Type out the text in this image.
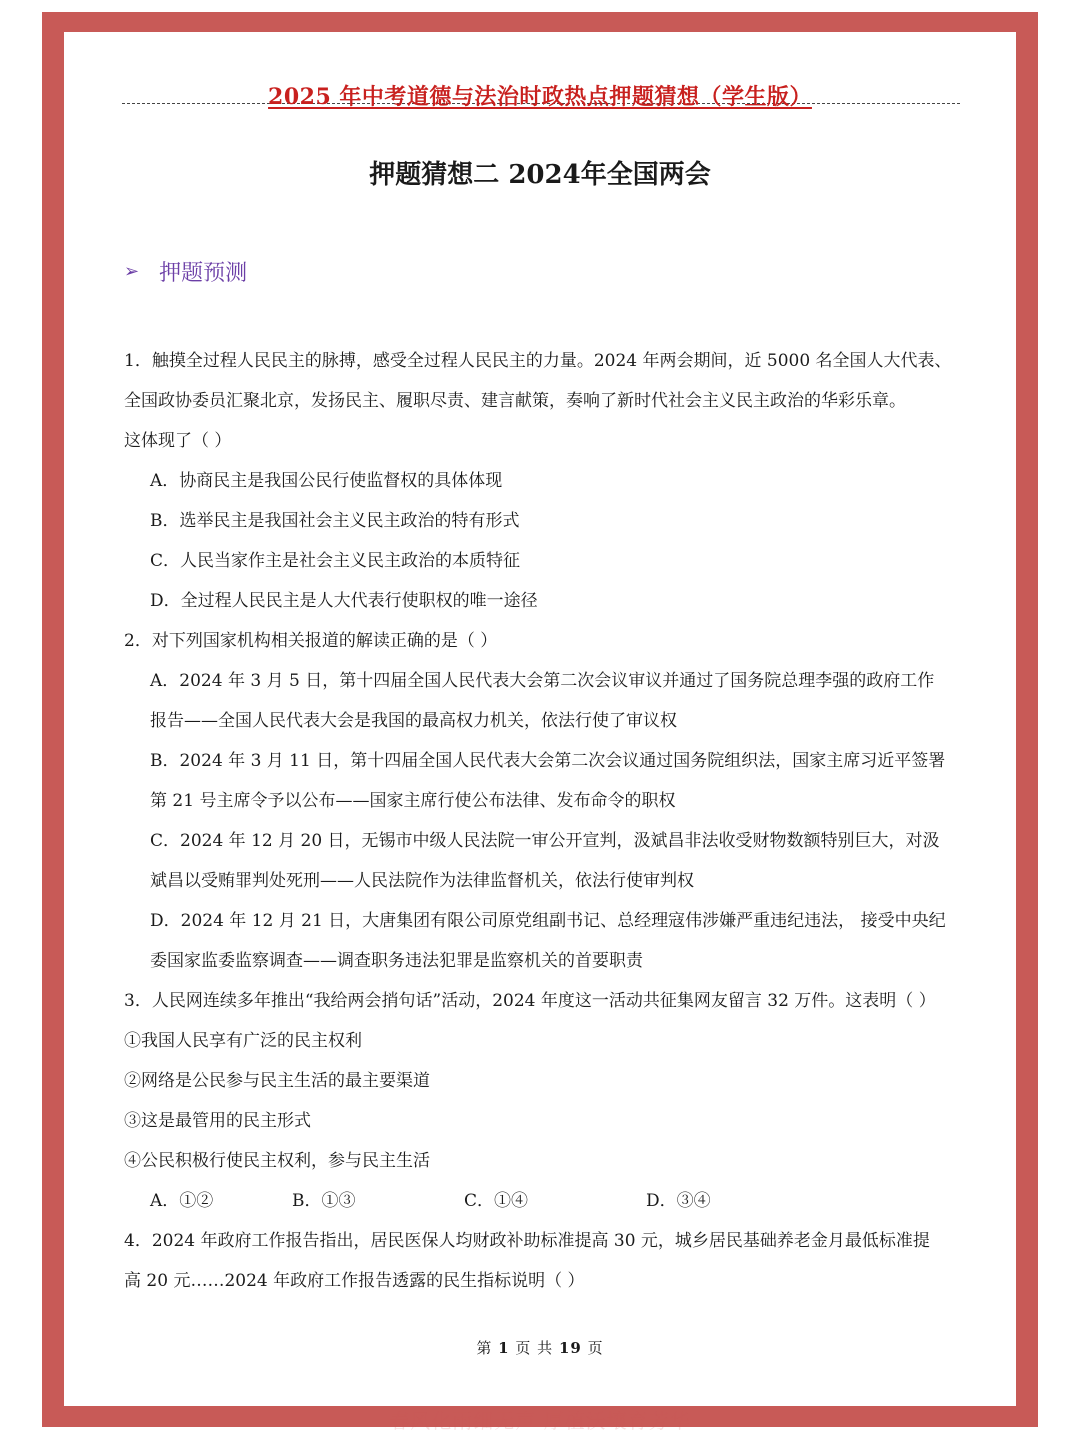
2025 年中考道德与法治时政热点押题猜想（学生版）
押题猜想二 2024年全国两会
➢ 押题预测

1．触摸全过程人民民主的脉搏，感受全过程人民民主的力量。2024 年两会期间，近 5000 名全国人大代表、

全国政协委员汇聚北京，发扬民主、履职尽责、建言献策，奏响了新时代社会主义民主政治的华彩乐章。

这体现了（ ）

A．协商民主是我国公民行使监督权的具体体现

B．选举民主是我国社会主义民主政治的特有形式

C．人民当家作主是社会主义民主政治的本质特征

D．全过程人民民主是人大代表行使职权的唯一途径

2．对下列国家机构相关报道的解读正确的是（ ）

A．2024 年 3 月 5 日，第十四届全国人民代表大会第二次会议审议并通过了国务院总理李强的政府工作

报告——全国人民代表大会是我国的最高权力机关，依法行使了审议权

B．2024 年 3 月 11 日，第十四届全国人民代表大会第二次会议通过国务院组织法，国家主席习近平签署

第 21 号主席令予以公布——国家主席行使公布法律、发布命令的职权

C．2024 年 12 月 20 日，无锡市中级人民法院一审公开宣判，汲斌昌非法收受财物数额特别巨大，对汲

斌昌以受贿罪判处死刑——人民法院作为法律监督机关，依法行使审判权

D．2024 年 12 月 21 日，大唐集团有限公司原党组副书记、总经理寇伟涉嫌严重违纪违法， 接受中央纪

委国家监委监察调查——调查职务违法犯罪是监察机关的首要职责

3．人民网连续多年推出“我给两会捎句话”活动，2024 年度这一活动共征集网友留言 32 万件。这表明（ ）

①我国人民享有广泛的民主权利

②网络是公民参与民主生活的最主要渠道

③这是最管用的民主形式

④公民积极行使民主权利，参与民主生活

A．①②	B．①③	C．①④	D．③④

4．2024 年政府工作报告指出，居民医保人均财政补助标准提高 30 元，城乡居民基础养老金月最低标准提

高 20 元……2024 年政府工作报告透露的民生指标说明（ ）

第 1 页 共 19 页
春风化雨细无声 厚植沃壤育芳华
